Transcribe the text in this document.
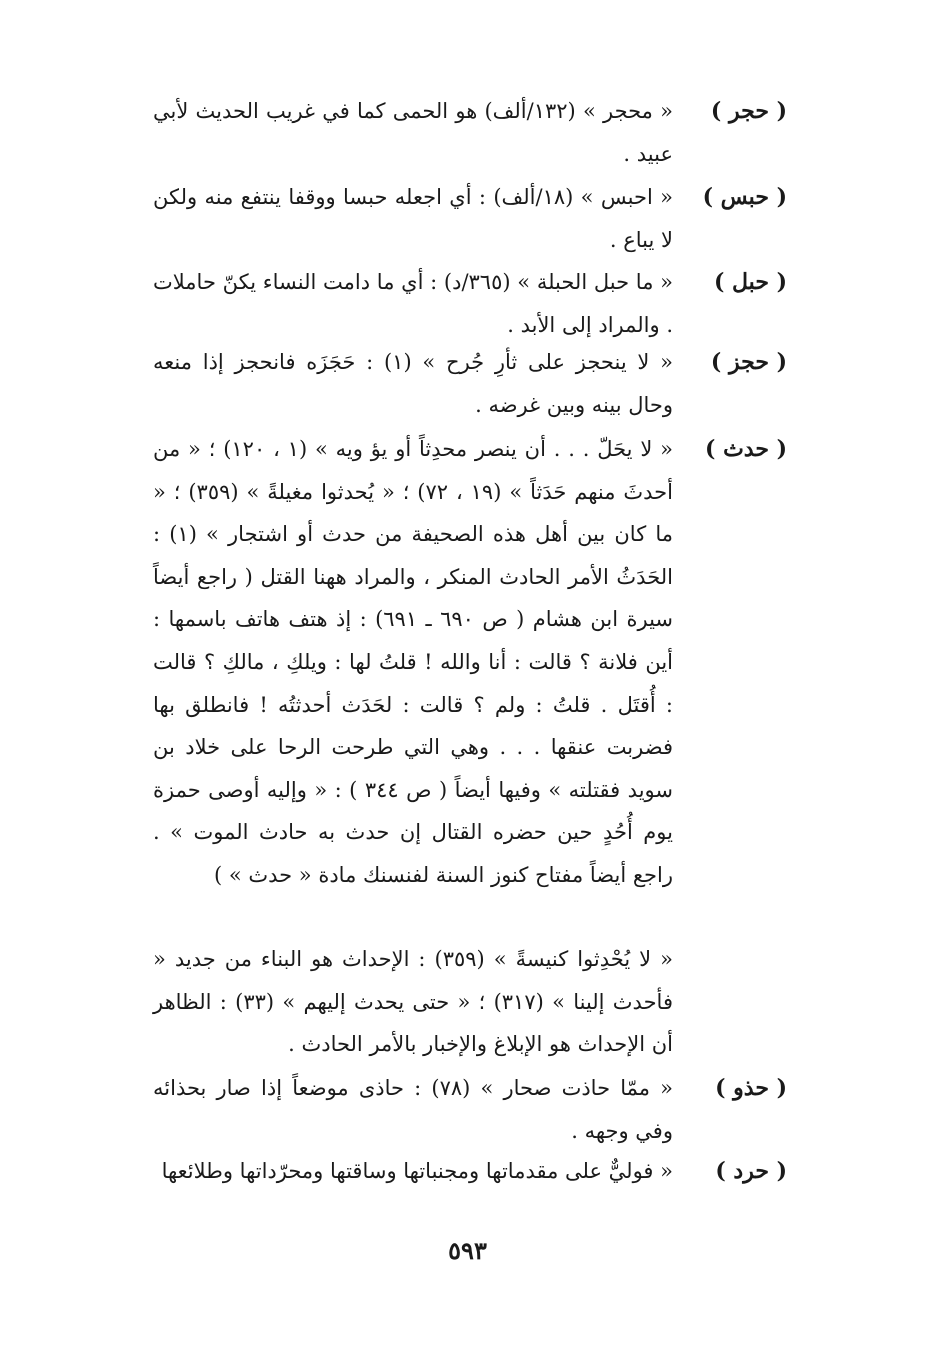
( حجر )
« محجر » (١٣٢/ألف) هو الحمى كما في غريب الحديث لأبي عبيد .
( حبس )
« احبس » (١٨/ألف) : أي اجعله حبسا ووقفا ينتفع منه ولكن لا يباع .
( حبل )
« ما حبل الحبلة » (٣٦٥/د) : أي ما دامت النساء يكنّ حاملات . والمراد إلى الأبد .
( حجز )
« لا ينحجز على ثأرِ جُرح » (١) : حَجَزَه فانحجز إذا منعه وحال بينه وبين غرضه .
( حدث )
« لا يحَلّ . . . أن ينصر محدِثاً أو يؤ ويه » (١ ، ١٢٠) ؛ « من أحدثَ منهم حَدَثاً » (١٩ ، ٧٢) ؛ « يُحدثوا مغيلةً » (٣٥٩) ؛ « ما كان بين أهل هذه الصحيفة من حدث أو اشتجار » (١) : الحَدَثُ الأمر الحادث المنكر ، والمراد ههنا القتل ( راجع أيضاً سيرة ابن هشام ( ص ٦٩٠ ـ ٦٩١) : إذ هتف هاتف باسمها : أين فلانة ؟ قالت : أنا والله ! قلتُ لها : ويلكِ ، مالكِ ؟ قالت : أُقتَل . قلتُ : ولم ؟ قالت : لحَدَث أحدثتُه ! فانطلق بها فضربت عنقها . . . وهي التي طرحت الرحا على خلاد بن سويد فقتلته » وفيها أيضاً ( ص ٣٤٤ ) : « وإليه أوصى حمزة يوم أُحُدٍ حين حضره القتال إن حدث به حادث الموت » . راجع أيضاً مفتاح كنوز السنة لفنسنك مادة « حدث » )
« لا يُحْدِثوا كنيسةً » (٣٥٩) : الإحداث هو البناء من جديد « فأحدث إلينا » (٣١٧) ؛ « حتى يحدث إليهم » (٣٣) : الظاهر أن الإحداث هو الإبلاغ والإخبار بالأمر الحادث .
( حذو )
« ممّا حاذت صحار » (٧٨) : حاذى موضعاً إذا صار بحذائه وفي وجهه .
( حرد )
« فوليٌّ على مقدماتها ومجنباتها وساقتها ومحرّداتها وطلائعها
٥٩٣
